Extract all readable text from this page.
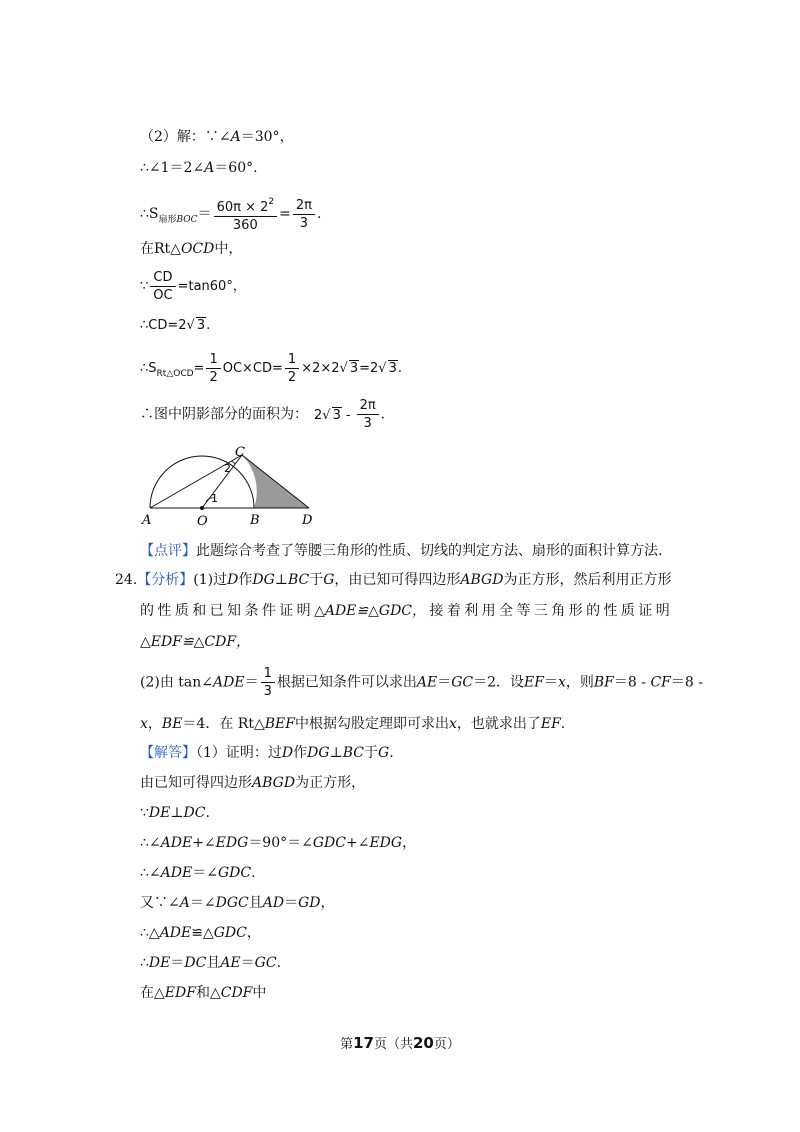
（2）解：∵∠A＝30°，
∴∠1＝2∠A＝60°.
$\therefore S_{扇形BOC}= \frac{60\pi \times 2^2}{360} = \frac{2\pi}{3}$ .
在Rt△OCD中，
∵ $\frac{CD}{OC} =\tan 60^\circ$，
∴CD=2√ 3.
$\therefore S_{Rt\triangle OCD}= \frac{1}{2} OC\times CD= \frac{1}{2} \times 2\times 2√$ 3=2√ 3.
∴图中阴影部分的面积为： 2√ $3 - \frac{2\pi}{3}$ .
A	O	B	D
C
1
2
【点评】此题综合考查了等腰三角形的性质、切线的判定方法、扇形的面积计算方法.
24.【分析】(1)过D作DG⊥BC于G，由已知可得四边形ABGD为正方形，然后利用正方形
的 性 质 和 已 知 条 件 证 明 △ADE≌△GDC， 接 着 利 用 全 等 三 角 形 的 性 质 证 明
△EDF≌△CDF，
(2)由 tan∠ADE＝ $\frac{1}{3}$ 根据已知条件可以求出AE＝GC＝2．设EF＝x，则BF＝8 - CF＝8 -
x，BE＝4．在 Rt△BEF中根据勾股定理即可求出x，也就求出了EF.
【解答】（1）证明：过D作DG⊥BC于G.
由已知可得四边形ABGD为正方形，
∵DE⊥DC.
∴∠ADE+∠EDG＝90°＝∠GDC+∠EDG，
∴∠ADE＝∠GDC.
又∵∠A＝∠DGC且AD＝GD，
∴△ADE≌△GDC，
∴DE＝DC且AE＝GC.
在△EDF和△CDF中
第17页（共20页）
